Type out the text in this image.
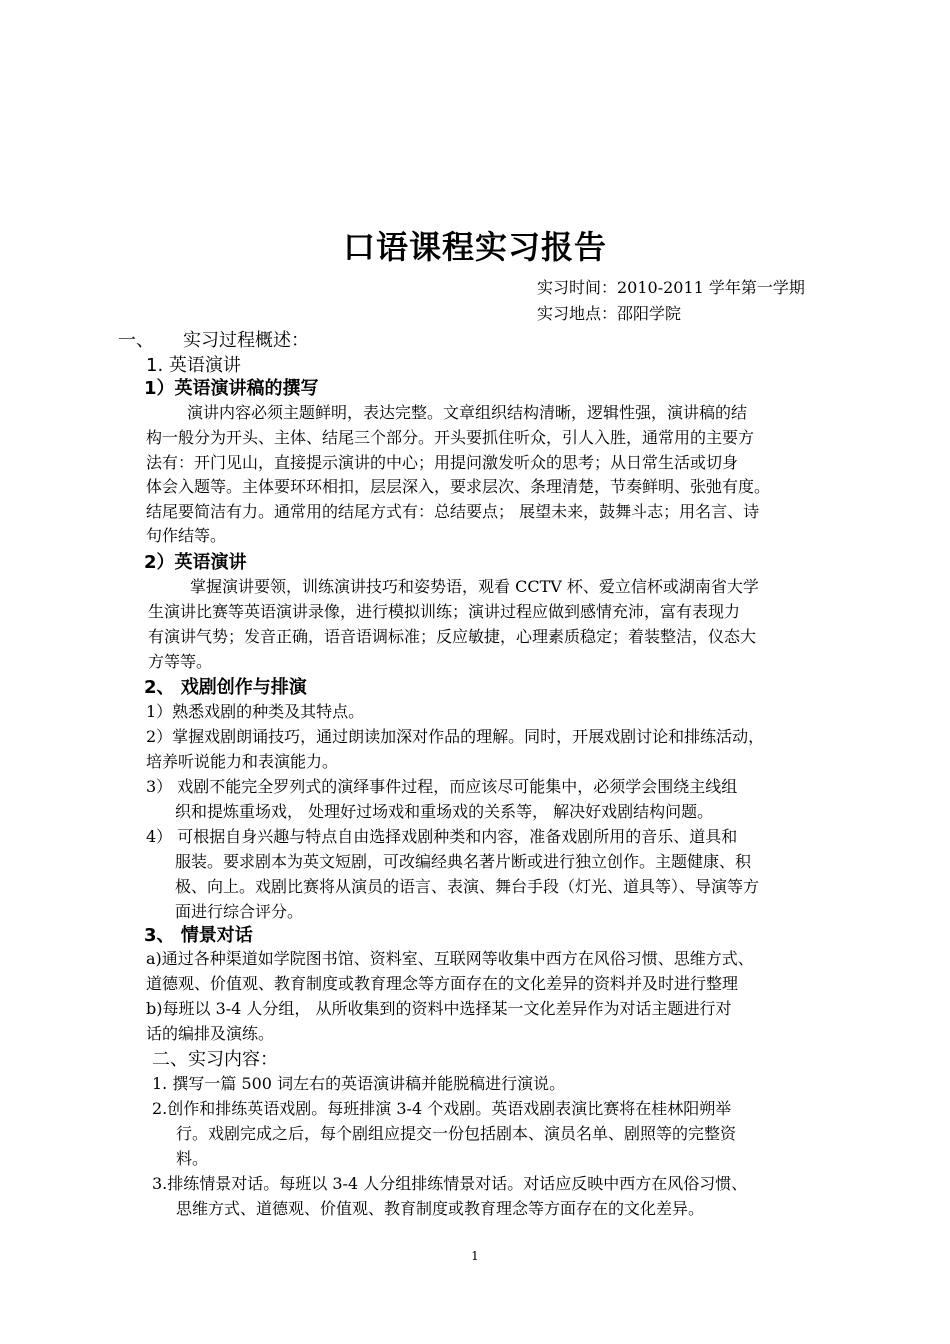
口语课程实习报告
实习时间：2010-2011 学年第一学期
实习地点：邵阳学院
一、 实习过程概述：
1. 英语演讲
1）英语演讲稿的撰写
演讲内容必须主题鲜明，表达完整。文章组织结构清晰，逻辑性强，演讲稿的结
构一般分为开头、主体、结尾三个部分。开头要抓住听众，引人入胜，通常用的主要方
法有：开门见山，直接提示演讲的中心；用提问激发听众的思考；从日常生活或切身
体会入题等。主体要环环相扣，层层深入，要求层次、条理清楚，节奏鲜明、张弛有度。
结尾要简洁有力。通常用的结尾方式有：总结要点； 展望未来，鼓舞斗志；用名言、诗
句作结等。
2）英语演讲
掌握演讲要领，训练演讲技巧和姿势语，观看 CCTV 杯、爱立信杯或湖南省大学
生演讲比赛等英语演讲录像，进行模拟训练；演讲过程应做到感情充沛，富有表现力
有演讲气势；发音正确，语音语调标准；反应敏捷，心理素质稳定；着装整洁，仪态大
方等等。
2、 戏剧创作与排演
1）熟悉戏剧的种类及其特点。
2）掌握戏剧朗诵技巧，通过朗读加深对作品的理解。同时，开展戏剧讨论和排练活动，
培养听说能力和表演能力。
3） 戏剧不能完全罗列式的演绎事件过程，而应该尽可能集中，必须学会围绕主线组
织和提炼重场戏， 处理好过场戏和重场戏的关系等， 解决好戏剧结构问题。
4） 可根据自身兴趣与特点自由选择戏剧种类和内容，准备戏剧所用的音乐、道具和
服装。要求剧本为英文短剧，可改编经典名著片断或进行独立创作。主题健康、积
极、向上。戏剧比赛将从演员的语言、表演、舞台手段（灯光、道具等）、导演等方
面进行综合评分。
3、 情景对话
a)通过各种渠道如学院图书馆、资料室、互联网等收集中西方在风俗习惯、思维方式、
道德观、价值观、教育制度或教育理念等方面存在的文化差异的资料并及时进行整理
b)每班以 3-4 人分组， 从所收集到的资料中选择某一文化差异作为对话主题进行对
话的编排及演练。
二、实习内容：
1. 撰写一篇 500 词左右的英语演讲稿并能脱稿进行演说。
2.创作和排练英语戏剧。每班排演 3-4 个戏剧。英语戏剧表演比赛将在桂林阳朔举
行。戏剧完成之后，每个剧组应提交一份包括剧本、演员名单、剧照等的完整资
料。
3.排练情景对话。每班以 3-4 人分组排练情景对话。对话应反映中西方在风俗习惯、
思维方式、道德观、价值观、教育制度或教育理念等方面存在的文化差异。
1
